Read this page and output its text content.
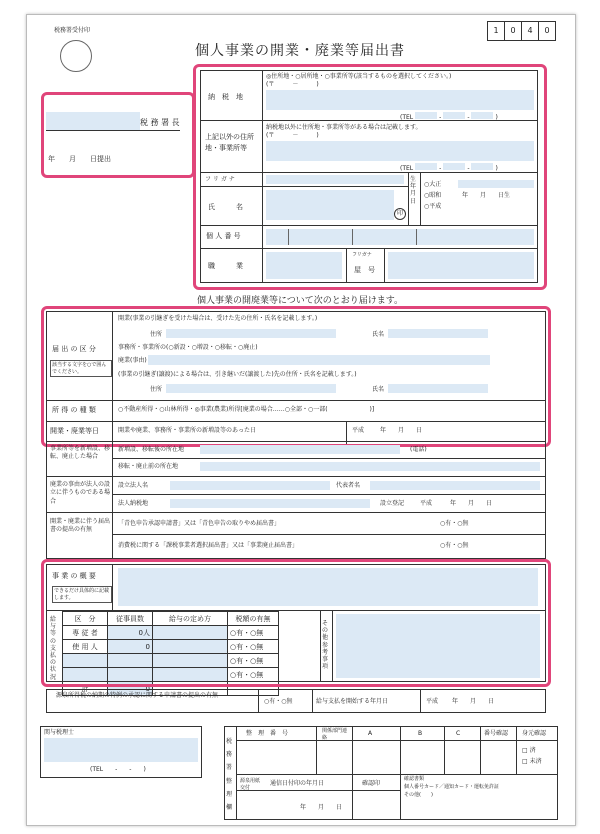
税務署受付印	1 0 4 0
個人事業の開業・廃業等届出書
税 務 署 長
年　　月　　日提出
納　税　地
◎住所地・○居所地・○事業所等(該当するものを選択してください。)
(〒　　　－　　　)
(TEL	-	-	)
上記以外の住所地・事業所等
納税地以外に住所地・事業所等がある場合は記載します。
(〒　　　－　　　)
(TEL	-	-	)
フ リ ガ ナ
氏　　　名
印
生年月日
○大正
○昭和
○平成
年　　月　　日生
個 人 番 号
職　　　業
フリガナ
屋　号
個人事業の開廃業等について次のとおり届けます。
届 出 の 区 分
該当する文字を○で囲んでください。
開業(事業の引継ぎを受けた場合は、受けた先の住所・氏名を記載します。)
住所	氏名
事務所・事業所の(○新設・○増設・○移転・○廃止)
廃業(事由)
(事業の引継ぎ(譲渡)による場合は、引き継いだ(譲渡した)先の住所・氏名を記載します。)
住所	氏名
所 得 の 種 類	○不動産所得・○山林所得・◎事業(農業)所得[廃業の場合……○全部・○一部(　　　　　　　)]
開業・廃業等日	開業や廃業、事務所・事業所の新増設等のあった日	平成	年　　月　　日
事業所等を新増設、移転、廃止した場合
新増設、移転後の所在地	(電話)
移転・廃止前の所在地
廃業の事由が法人の設立に伴うものである場合
設立法人名	代表者名
法人納税地	設立登記	平成	年　　月　　日
開業・廃業に伴う届出書の提出の有無
「青色申告承認申請書」又は「青色申告の取りやめ届出書」	○有・○無
消費税に関する「課税事業者選択届出書」又は「事業廃止届出書」	○有・○無
事 業 の 概 要
できるだけ具体的に記載します。
給与等の支払の状況
区　分	従事員数	給与の定め方	税額の有無
専 従 者	0人		○有・○無
使 用 人	0		○有・○無
			○有・○無
			○有・○無
計	0		
その他参考事項
源泉所得税の納期の特例の承認に関する申請書の提出の有無
○有・○無	給与支払を開始する年月日	平成 年　　月　　日
関与税理士
(TEL　　-　　-　　)
税務署整理欄
整　理　番　号	関係部門連絡
A	B	C	番号確認 身元確認
□ 済
□ 未済
源泉用紙交付
通信日付印の年月日	確認印
確認書類
個人番号カード／通知カード・運転免許証
その他(　　)
年　　月　　日
